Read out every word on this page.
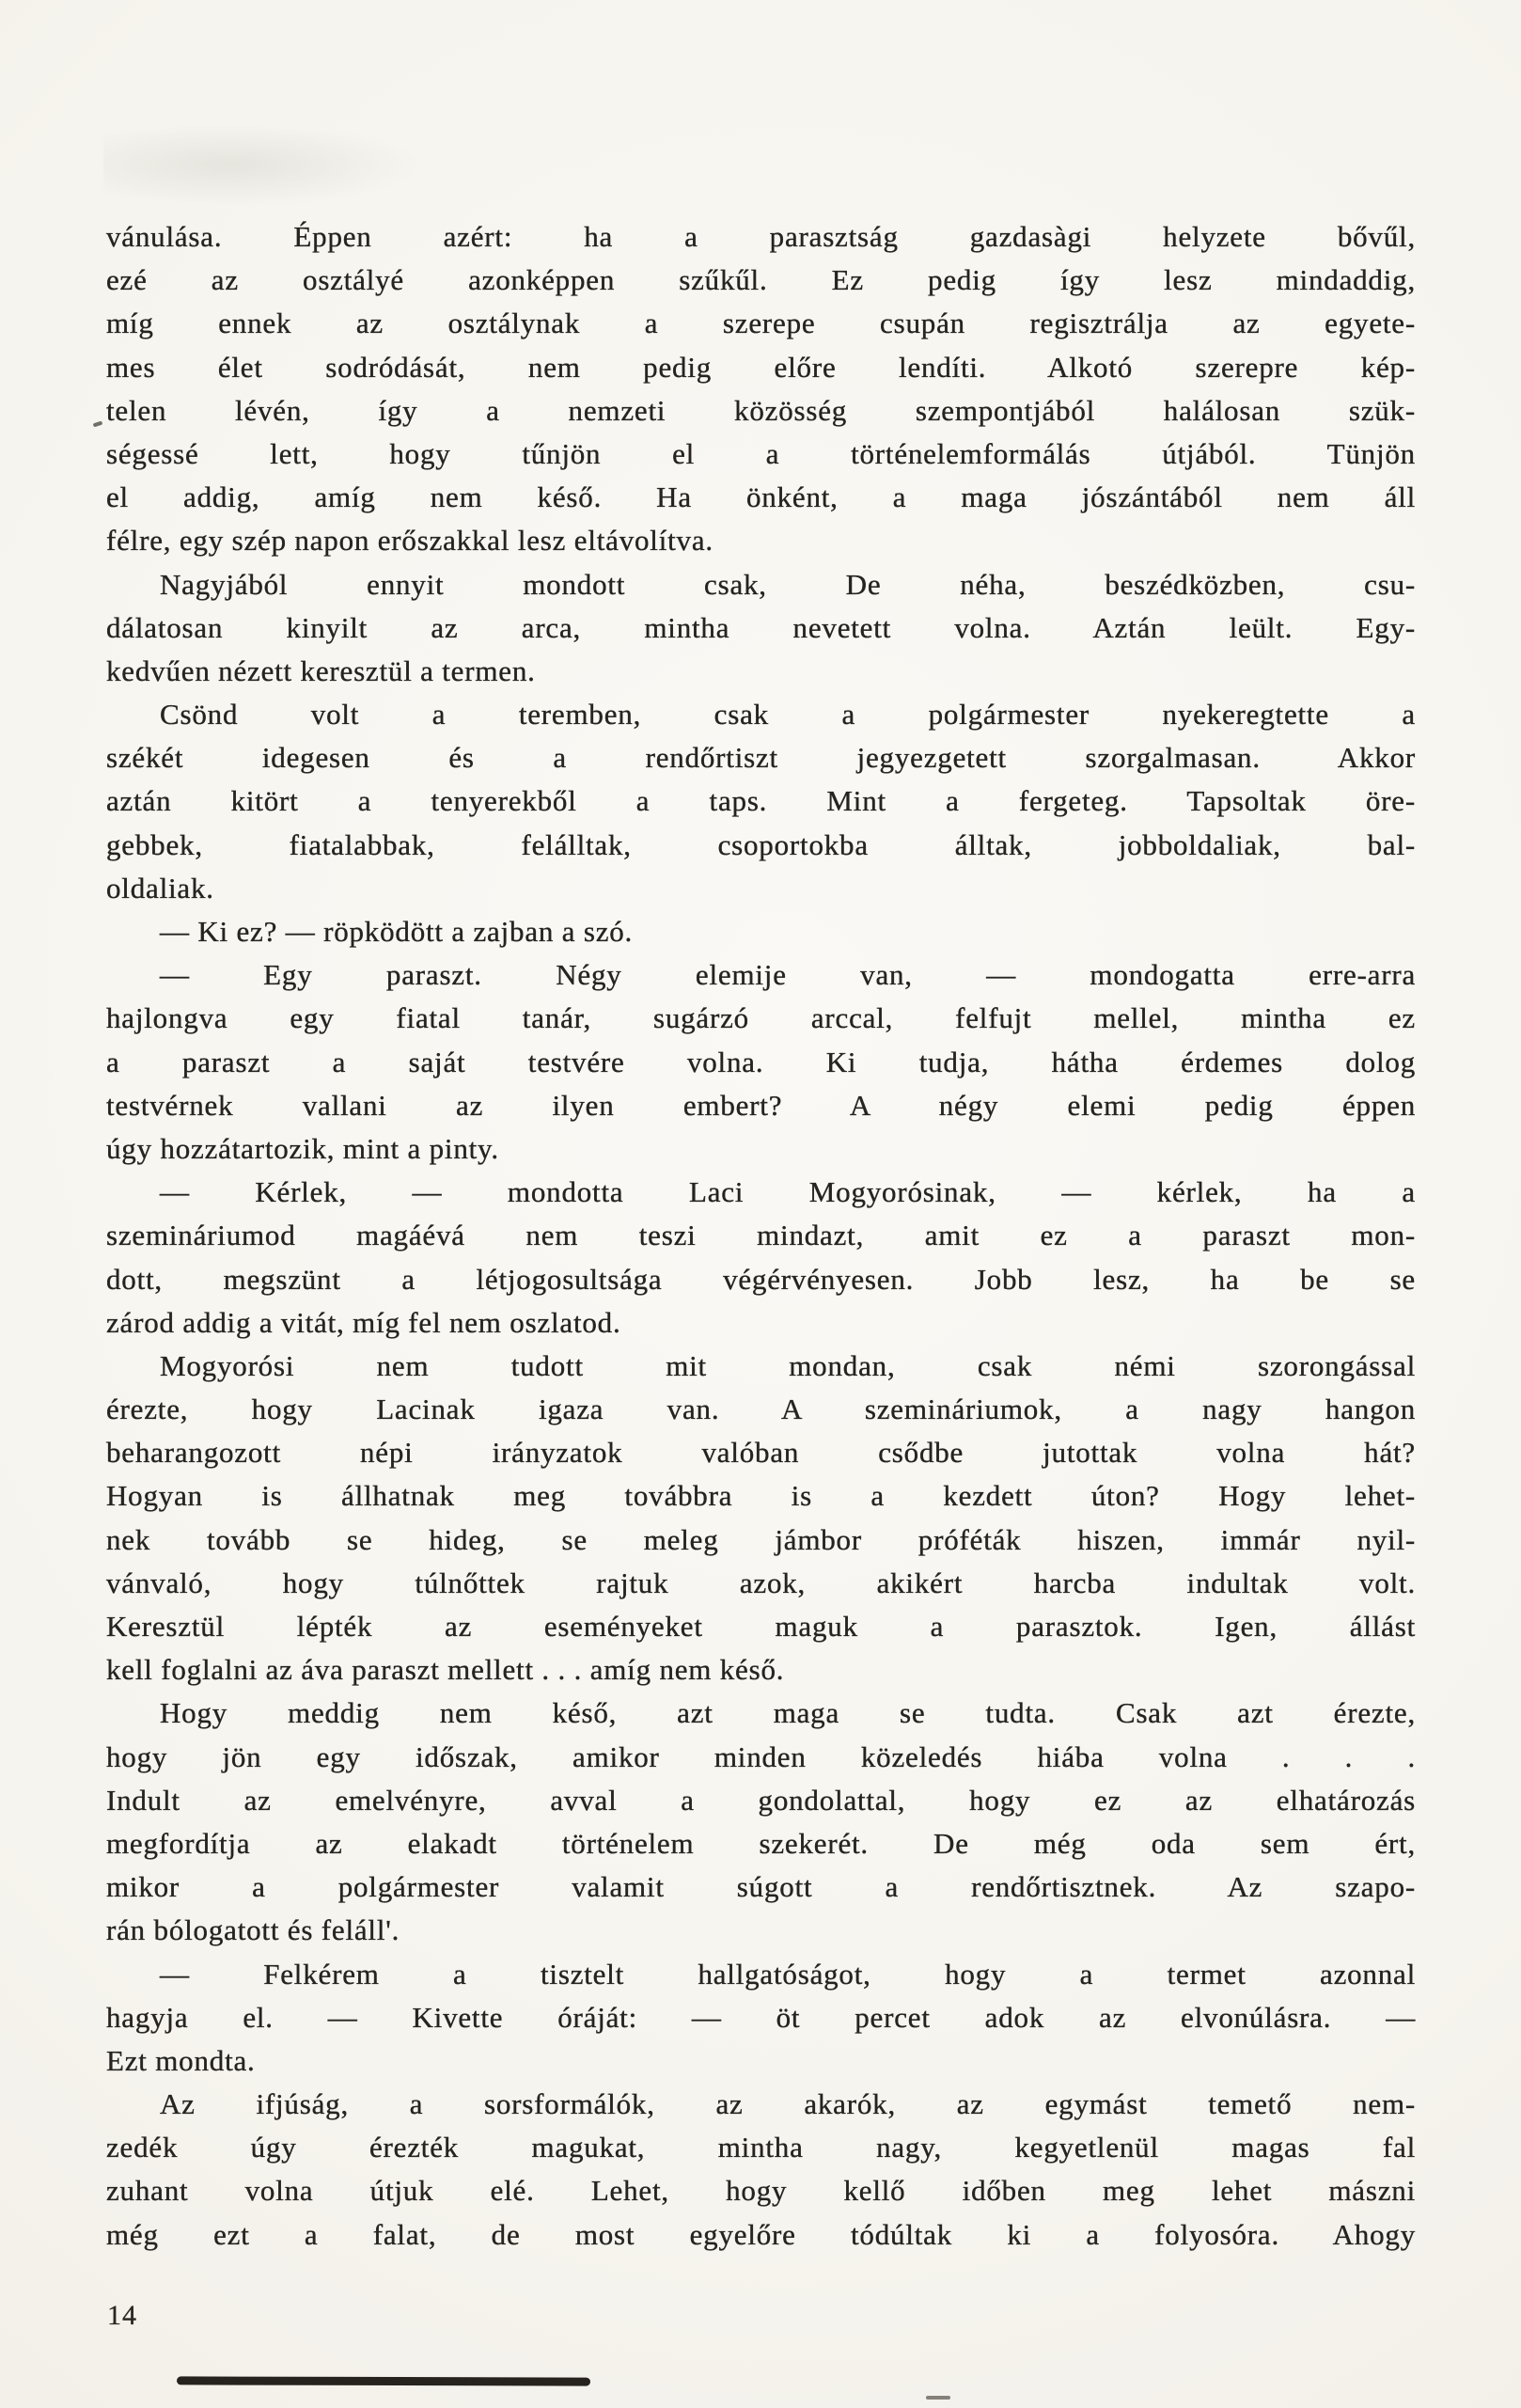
vánulása. Éppen azért: ha a parasztság gazdasàgi helyzete bővűl,
ezé az osztályé azonképpen szűkűl. Ez pedig így lesz mindaddig,
míg ennek az osztálynak a szerepe csupán regisztrálja az egyete-
mes élet sodródását, nem pedig előre lendíti. Alkotó szerepre kép-
telen lévén, így a nemzeti közösség szempontjából halálosan szük-
ségessé lett, hogy tűnjön el a történelemformálás útjából. Tünjön
el addig, amíg nem késő. Ha önként, a maga jószántából nem áll
félre, egy szép napon erőszakkal lesz eltávolítva.
Nagyjából ennyit mondott csak, De néha, beszédközben, csu-
dálatosan kinyilt az arca, mintha nevetett volna. Aztán leült. Egy-
kedvűen nézett keresztül a termen.
Csönd volt a teremben, csak a polgármester nyekeregtette a
székét idegesen és a rendőrtiszt jegyezgetett szorgalmasan. Akkor
aztán kitört a tenyerekből a taps. Mint a fergeteg. Tapsoltak öre-
gebbek, fiatalabbak, felálltak, csoportokba álltak, jobboldaliak, bal-
oldaliak.
— Ki ez? — röpködött a zajban a szó.
— Egy paraszt. Négy elemije van, — mondogatta erre-arra
hajlongva egy fiatal tanár, sugárzó arccal, felfujt mellel, mintha ez
a paraszt a saját testvére volna. Ki tudja, hátha érdemes dolog
testvérnek vallani az ilyen embert? A négy elemi pedig éppen
úgy hozzátartozik, mint a pinty.
— Kérlek, — mondotta Laci Mogyorósinak, — kérlek, ha a
szemináriumod magáévá nem teszi mindazt, amit ez a paraszt mon-
dott, megszünt a létjogosultsága végérvényesen. Jobb lesz, ha be se
zárod addig a vitát, míg fel nem oszlatod.
Mogyorósi nem tudott mit mondan, csak némi szorongással
érezte, hogy Lacinak igaza van. A szemináriumok, a nagy hangon
beharangozott népi irányzatok valóban csődbe jutottak volna hát?
Hogyan is állhatnak meg továbbra is a kezdett úton? Hogy lehet-
nek tovább se hideg, se meleg jámbor próféták hiszen, immár nyil-
vánvaló, hogy túlnőttek rajtuk azok, akikért harcba indultak volt.
Keresztül lépték az eseményeket maguk a parasztok. Igen, állást
kell foglalni az áva paraszt mellett . . . amíg nem késő.
Hogy meddig nem késő, azt maga se tudta. Csak azt érezte,
hogy jön egy időszak, amikor minden közeledés hiába volna . . .
Indult az emelvényre, avval a gondolattal, hogy ez az elhatározás
megfordítja az elakadt történelem szekerét. De még oda sem ért,
mikor a polgármester valamit súgott a rendőrtisztnek. Az szapo-
rán bólogatott és feláll'.
— Felkérem a tisztelt hallgatóságot, hogy a termet azonnal
hagyja el. — Kivette óráját: — öt percet adok az elvonúlásra. —
Ezt mondta.
Az ifjúság, a sorsformálók, az akarók, az egymást temető nem-
zedék úgy érezték magukat, mintha nagy, kegyetlenül magas fal
zuhant volna útjuk elé. Lehet, hogy kellő időben meg lehet mászni
még ezt a falat, de most egyelőre tódúltak ki a folyosóra. Ahogy
14
